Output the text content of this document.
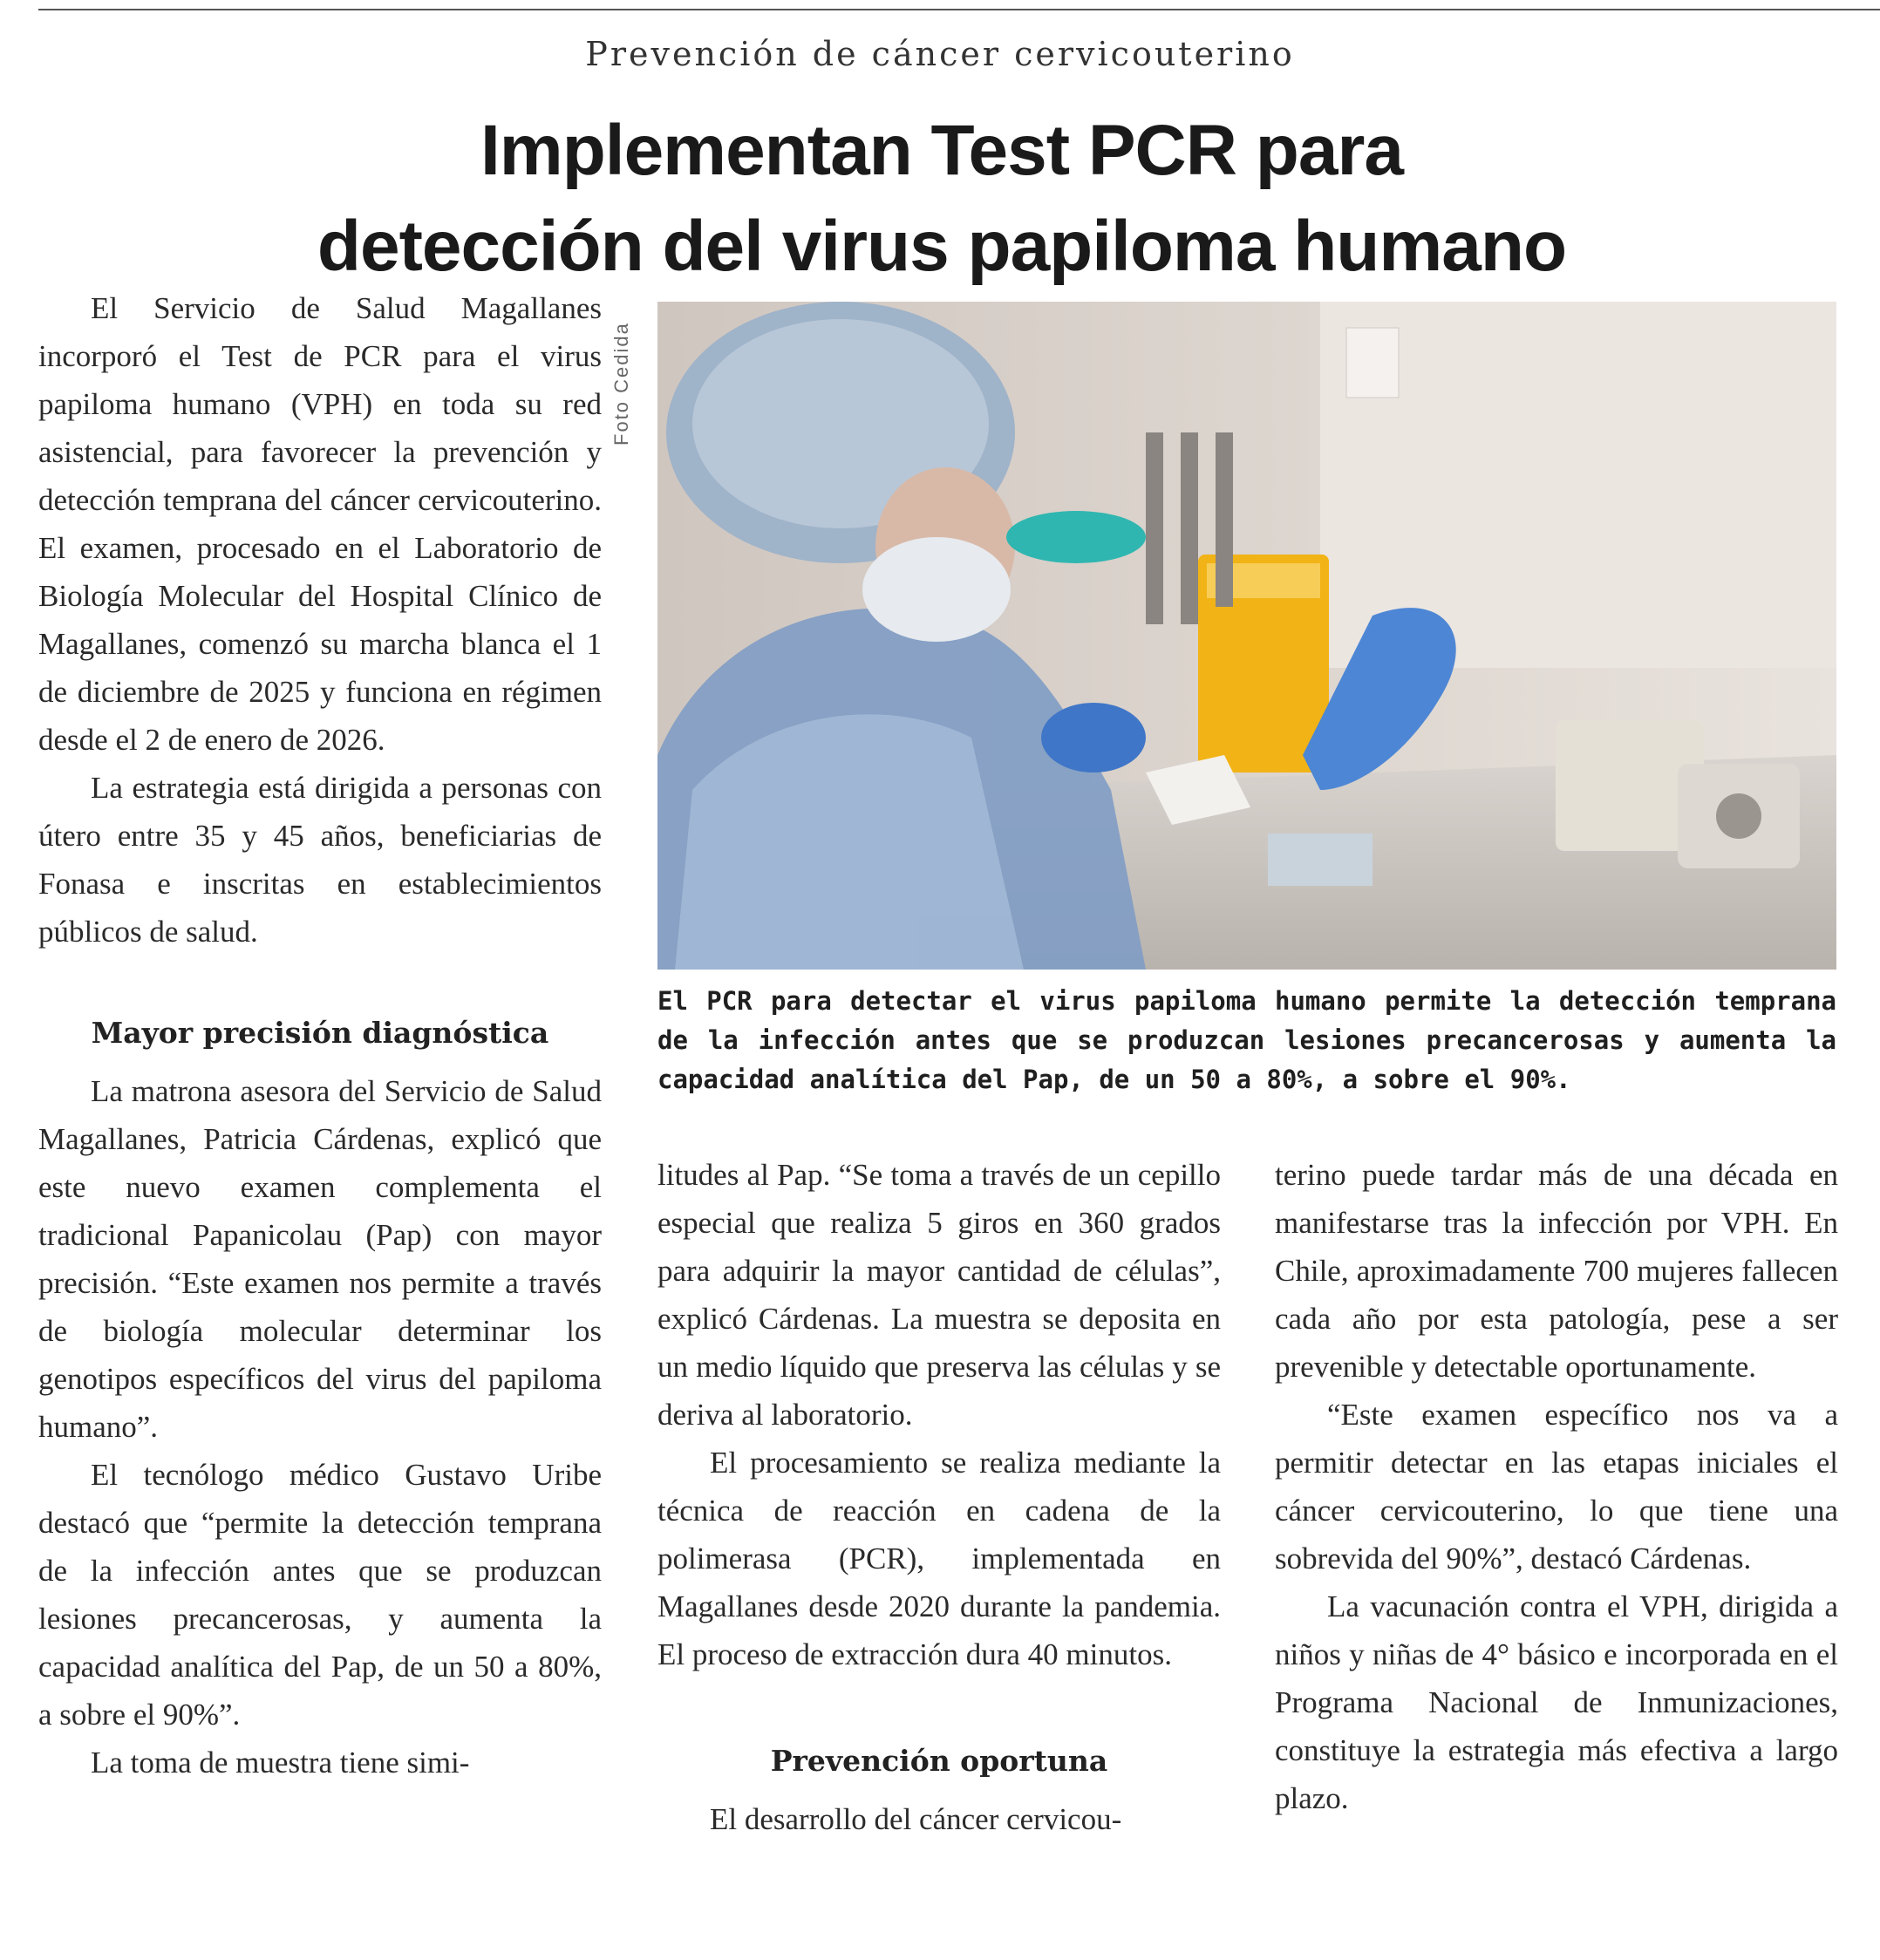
Prevención de cáncer cervicouterino
Implementan Test PCR para
detección del virus papiloma humano

El Servicio de Salud Magallanes incorporó el Test de PCR para el virus papiloma humano (VPH) en toda su red asistencial, para favorecer la prevención y detección temprana del cáncer cervicouterino. El examen, procesado en el Laboratorio de Biología Molecular del Hospital Clínico de Magallanes, comenzó su marcha blanca el 1 de diciembre de 2025 y funciona en régimen desde el 2 de enero de 2026.

La estrategia está dirigida a personas con útero entre 35 y 45 años, beneficiarias de Fonasa e inscritas en establecimientos públicos de salud.

Mayor precisión diagnóstica

La matrona asesora del Servicio de Salud Magallanes, Patricia Cárdenas, explicó que este nuevo examen complementa el tradicional Papanicolau (Pap) con mayor precisión. “Este examen nos permite a través de biología molecular determinar los genotipos específicos del virus del papiloma humano”.

El tecnólogo médico Gustavo Uribe destacó que “permite la detección temprana de la infección antes que se produzcan lesiones precancerosas, y aumenta la capacidad analítica del Pap, de un 50 a 80%, a sobre el 90%”.

La toma de muestra tiene simi-

Foto Cedida
El PCR para detectar el virus papiloma humano permite la detección temprana de la infección antes que se produzcan lesiones precancerosas y aumenta la capacidad analítica del Pap, de un 50 a 80%, a sobre el 90%.

litudes al Pap. “Se toma a través de un cepillo especial que realiza 5 giros en 360 grados para adquirir la mayor cantidad de células”, explicó Cárdenas. La muestra se deposita en un medio líquido que preserva las células y se deriva al laboratorio.

El procesamiento se realiza mediante la técnica de reacción en cadena de la polimerasa (PCR), implementada en Magallanes desde 2020 durante la pandemia. El proceso de extracción dura 40 minutos.

Prevención oportuna

El desarrollo del cáncer cervicou-

terino puede tardar más de una década en manifestarse tras la infección por VPH. En Chile, aproximadamente 700 mujeres fallecen cada año por esta patología, pese a ser prevenible y detectable oportunamente.

“Este examen específico nos va a permitir detectar en las etapas iniciales el cáncer cervicouterino, lo que tiene una sobrevida del 90%”, destacó Cárdenas.

La vacunación contra el VPH, dirigida a niños y niñas de 4° básico e incorporada en el Programa Nacional de Inmunizaciones, constituye la estrategia más efectiva a largo plazo.
